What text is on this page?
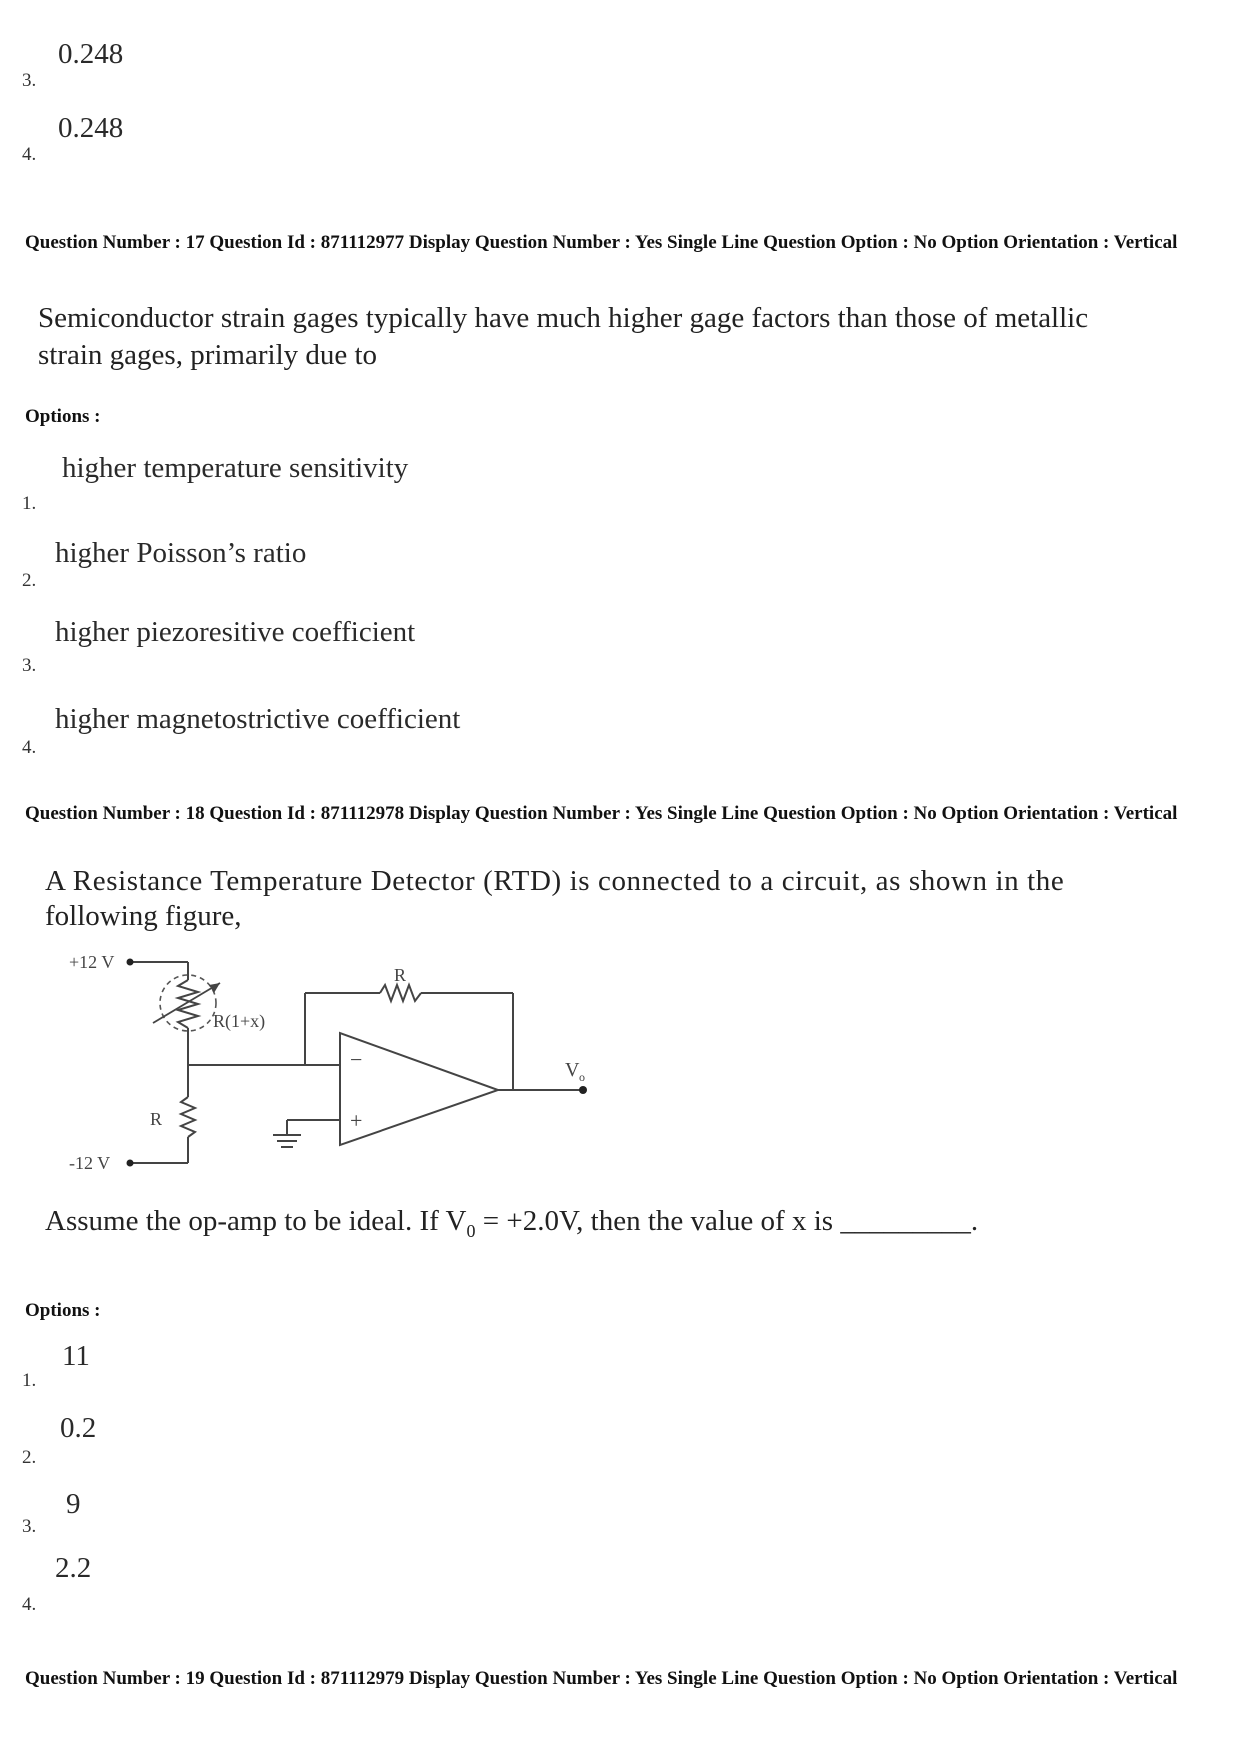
0.248
3.
0.248
4.
Question Number : 17 Question Id : 871112977 Display Question Number : Yes Single Line Question Option : No Option Orientation : Vertical
Semiconductor strain gages typically have much higher gage factors than those of metallic
strain gages, primarily due to
Options :
higher temperature sensitivity
1.
higher Poisson’s ratio
2.
higher piezoresitive coefficient
3.
higher magnetostrictive coefficient
4.
Question Number : 18 Question Id : 871112978 Display Question Number : Yes Single Line Question Option : No Option Orientation : Vertical
A Resistance Temperature Detector (RTD) is connected to a circuit, as shown in the
following figure,
+12 V
-12 V
R(1+x)
R
R
V o
−
+
Assume the op-amp to be ideal. If $V_0 = +2.0V$, then the value of x is _________.
Options :
11
1.
0.2
2.
9
3.
2.2
4.
Question Number : 19 Question Id : 871112979 Display Question Number : Yes Single Line Question Option : No Option Orientation : Vertical
